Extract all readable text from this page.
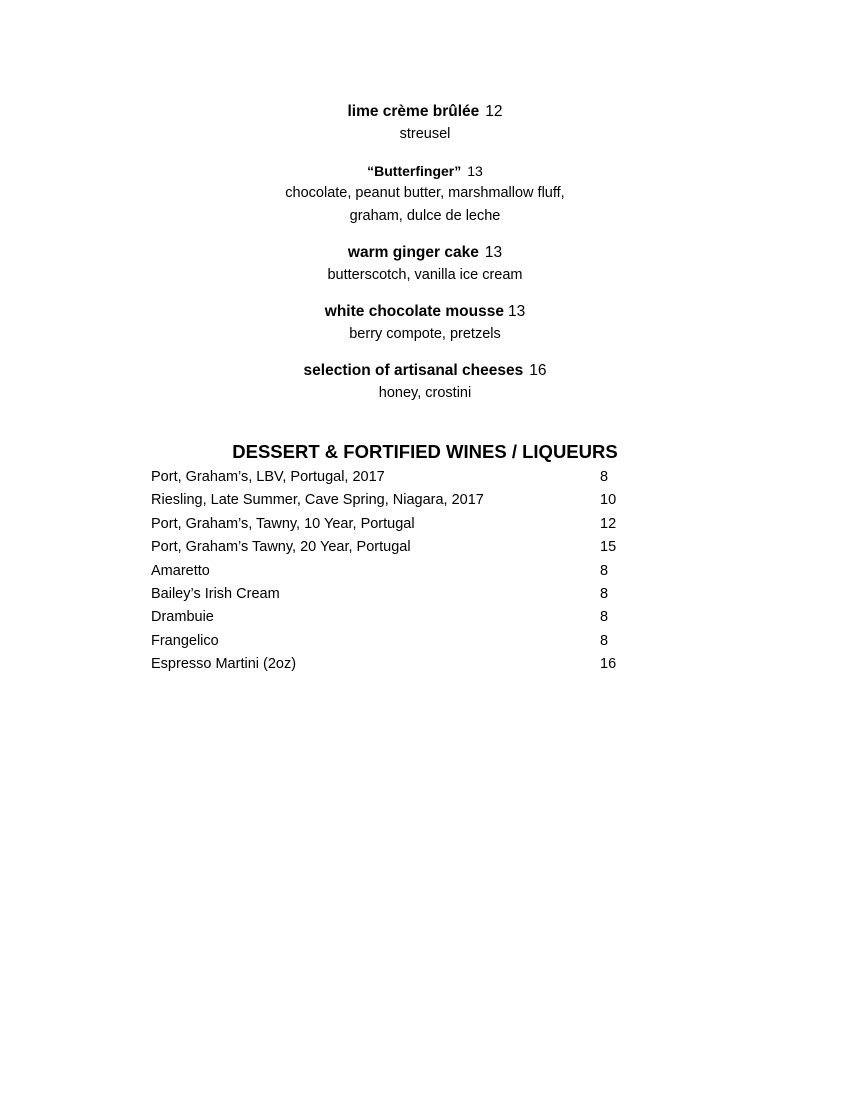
lime crème brûlée 12
streusel
“Butterfinger” 13
chocolate, peanut butter, marshmallow fluff,
graham, dulce de leche
warm ginger cake 13
butterscotch, vanilla ice cream
white chocolate mousse 13
berry compote, pretzels
selection of artisanal cheeses 16
honey, crostini
DESSERT & FORTIFIED WINES / LIQUEURS
Port, Graham’s, LBV, Portugal, 2017	8
Riesling, Late Summer, Cave Spring, Niagara, 2017	10
Port, Graham’s, Tawny, 10 Year, Portugal	12
Port, Graham’s Tawny, 20 Year, Portugal	15
Amaretto	8
Bailey’s Irish Cream	8
Drambuie	8
Frangelico	8
Espresso Martini (2oz)	16
